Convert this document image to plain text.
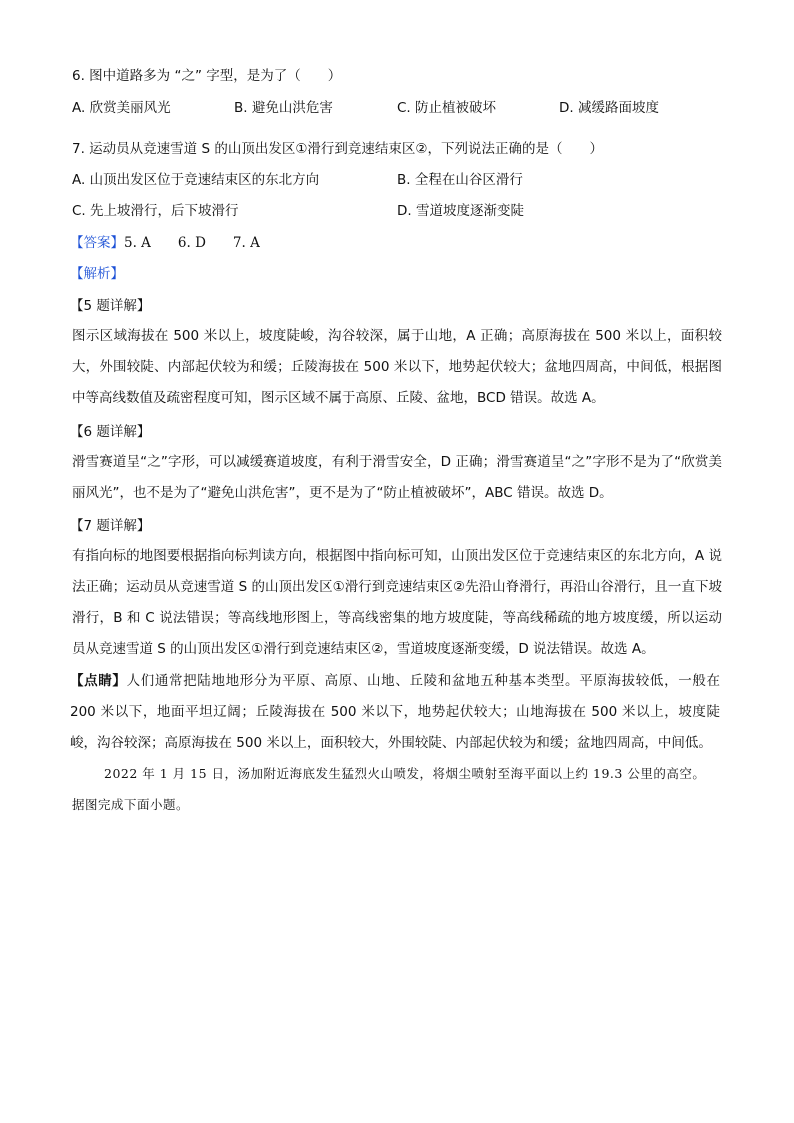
6. 图中道路多为 “之” 字型，是为了（　　）
A. 欣赏美丽风光	B. 避免山洪危害	C. 防止植被破坏	D. 减缓路面坡度
7. 运动员从竞速雪道 S 的山顶出发区①滑行到竞速结束区②，下列说法正确的是（　　）
A. 山顶出发区位于竞速结束区的东北方向	B. 全程在山谷区滑行
C. 先上坡滑行，后下坡滑行	D. 雪道坡度逐渐变陡
【答案】5. A　　6. D　　7. A
【解析】
【5 题详解】
图示区域海拔在 500 米以上，坡度陡峻，沟谷较深，属于山地，A 正确；高原海拔在 500 米以上，面积较大，外围较陡、内部起伏较为和缓；丘陵海拔在 500 米以下，地势起伏较大；盆地四周高，中间低，根据图中等高线数值及疏密程度可知，图示区域不属于高原、丘陵、盆地，BCD 错误。故选 A。
【6 题详解】
滑雪赛道呈“之”字形，可以减缓赛道坡度，有利于滑雪安全，D 正确；滑雪赛道呈“之”字形不是为了“欣赏美丽风光”，也不是为了“避免山洪危害”，更不是为了“防止植被破坏”，ABC 错误。故选 D。
【7 题详解】
有指向标的地图要根据指向标判读方向，根据图中指向标可知，山顶出发区位于竞速结束区的东北方向，A 说法正确；运动员从竞速雪道 S 的山顶出发区①滑行到竞速结束区②先沿山脊滑行，再沿山谷滑行，且一直下坡滑行，B 和 C 说法错误；等高线地形图上，等高线密集的地方坡度陡，等高线稀疏的地方坡度缓，所以运动员从竞速雪道 S 的山顶出发区①滑行到竞速结束区②，雪道坡度逐渐变缓，D 说法错误。故选 A。
【点睛】人们通常把陆地地形分为平原、高原、山地、丘陵和盆地五种基本类型。平原海拔较低，一般在 200 米以下，地面平坦辽阔；丘陵海拔在 500 米以下，地势起伏较大；山地海拔在 500 米以上，坡度陡峻，沟谷较深；高原海拔在 500 米以上，面积较大，外围较陡、内部起伏较为和缓；盆地四周高，中间低。
2022 年 1 月 15 日，汤加附近海底发生猛烈火山喷发，将烟尘喷射至海平面以上约 19.3 公里的高空。
据图完成下面小题。
